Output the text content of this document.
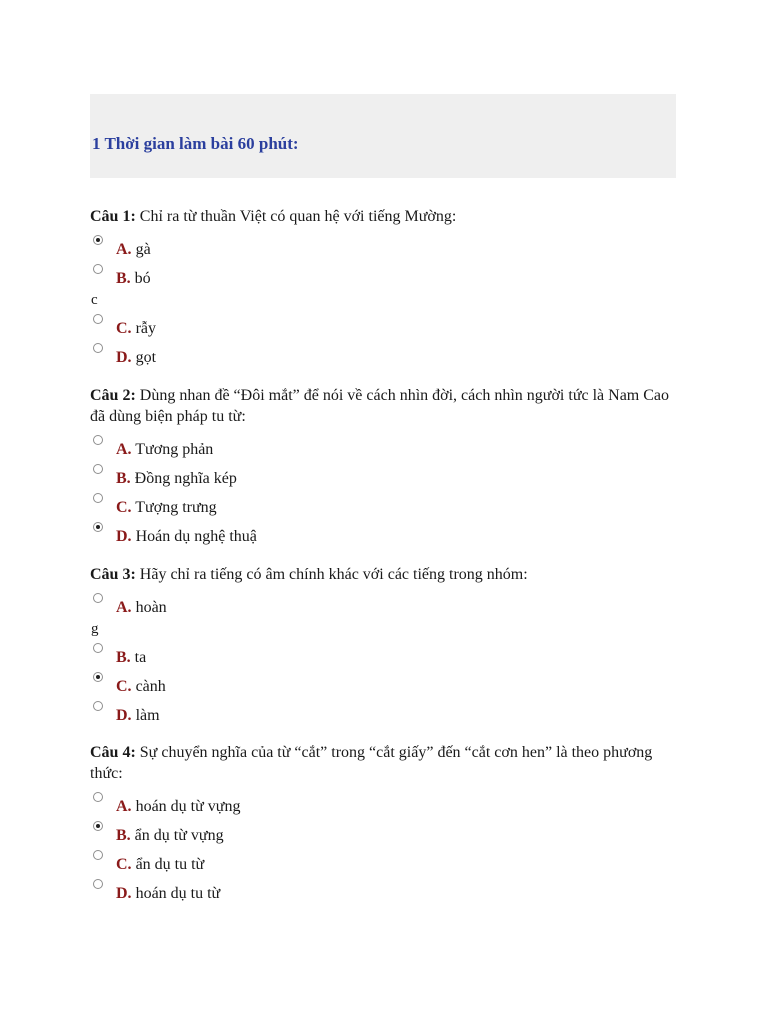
1 Thời gian làm bài 60 phút:

Câu 1: Chỉ ra từ thuần Việt có quan hệ với tiếng Mường:

A. gà
B. bó
c
C. rẫy
D. gọt

Câu 2: Dùng nhan đề “Đôi mắt” để nói về cách nhìn đời, cách nhìn người tức là Nam Cao đã dùng biện pháp tu từ:

A. Tương phản
B. Đồng nghĩa kép
C. Tượng trưng
D. Hoán dụ nghệ thuậ

Câu 3: Hãy chỉ ra tiếng có âm chính khác với các tiếng trong nhóm:

A. hoàn
g
B. ta
C. cành
D. làm

Câu 4: Sự chuyển nghĩa của từ “cắt” trong “cắt giấy” đến “cắt cơn hen” là theo phương thức:

A. hoán dụ từ vựng
B. ẩn dụ từ vựng
C. ẩn dụ tu từ
D. hoán dụ tu từ
